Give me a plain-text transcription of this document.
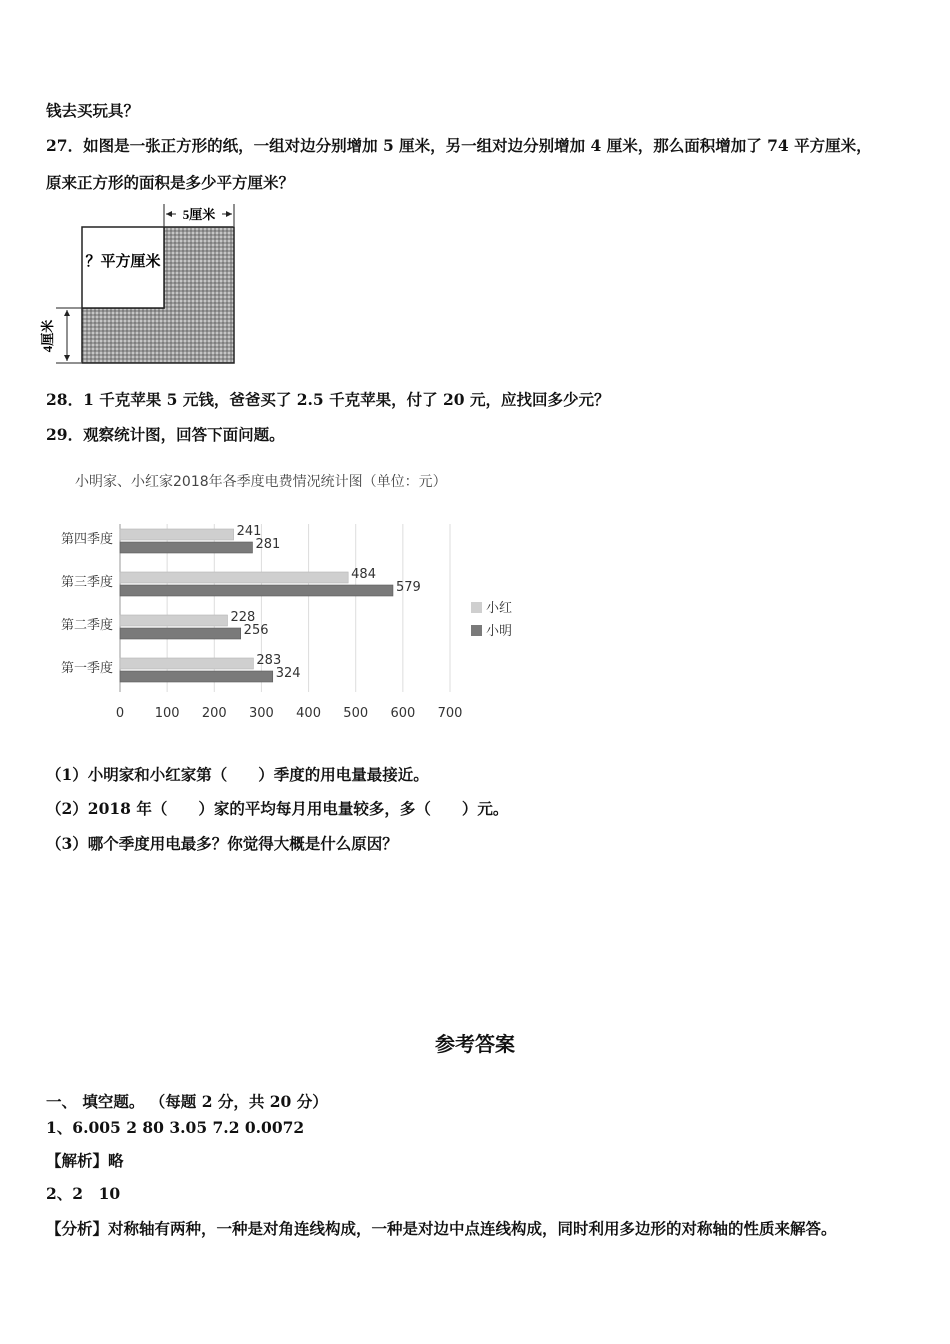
钱去买玩具？
27．如图是一张正方形的纸，一组对边分别增加 5 厘米，另一组对边分别增加 4 厘米，那么面积增加了 74 平方厘米，
原来正方形的面积是多少平方厘米？
5厘米
？平方厘米
4厘米
28．1 千克苹果 5 元钱，爸爸买了 2.5 千克苹果，付了 20 元，应找回多少元？
29．观察统计图，回答下面问题。
小明家、小红家2018年各季度电费情况统计图（单位：元）
0 100 200 300 400 500 600 700
第四季度
241
281
第三季度
484
579
第二季度
228
256
第一季度
283
324
小红
小明
（1）小明家和小红家第（　　）季度的用电量最接近。
（2）2018 年（　　）家的平均每月用电量较多，多（　　）元。
（3）哪个季度用电最多？你觉得大概是什么原因？
参考答案
一、 填空题。 （每题 2 分，共 20 分）
1、6.005 2 80 3.05 7.2 0.0072
【解析】略
2、2　10
【分析】对称轴有两种，一种是对角连线构成，一种是对边中点连线构成，同时利用多边形的对称轴的性质来解答。
